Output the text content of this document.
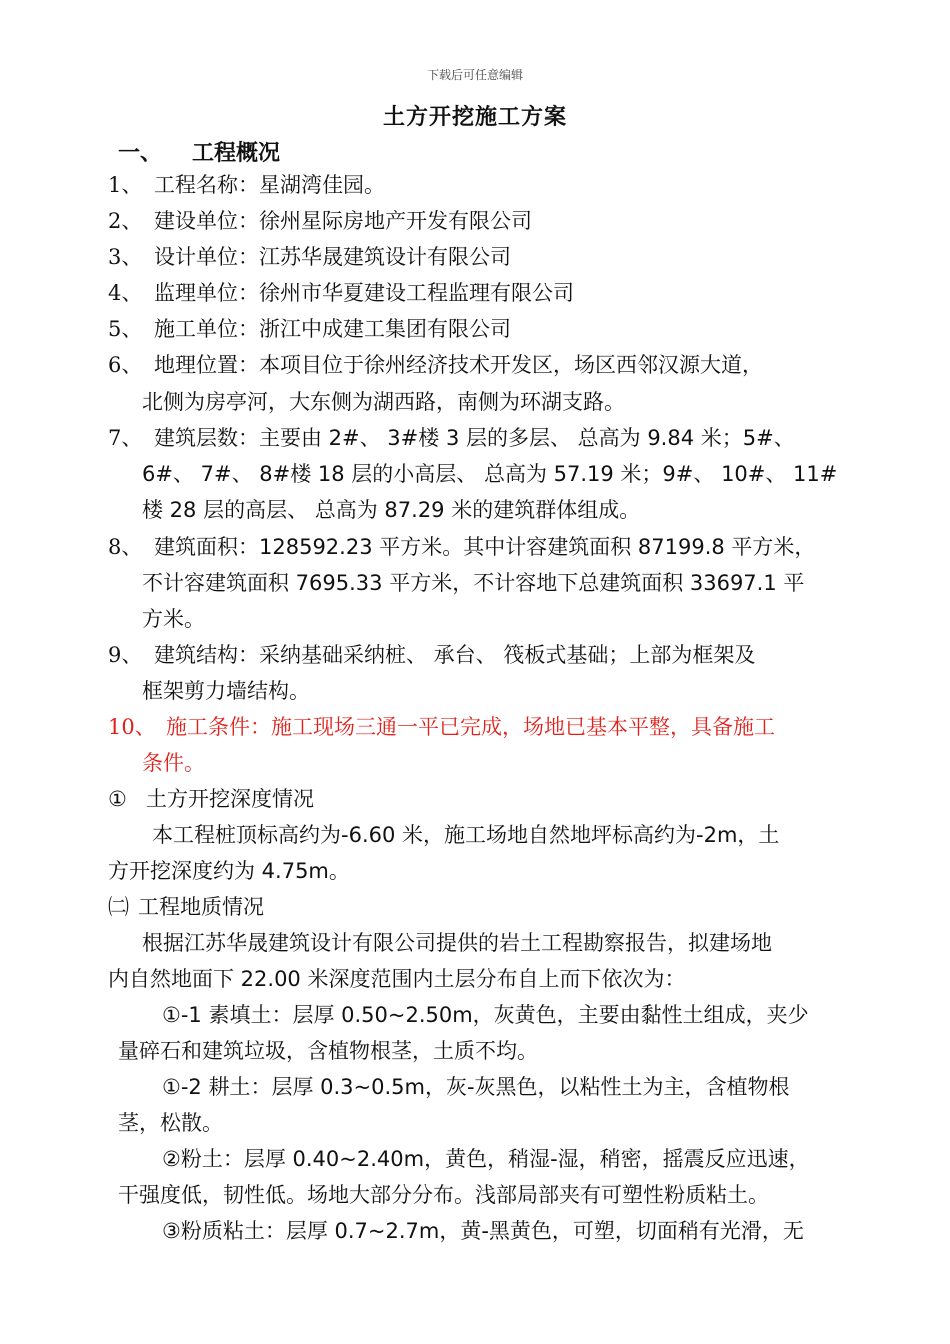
下载后可任意编辑
土方开挖施工方案
一、 工程概况
1、 工程名称：星湖湾佳园。
2、 建设单位：徐州星际房地产开发有限公司
3、 设计单位：江苏华晟建筑设计有限公司
4、 监理单位：徐州市华夏建设工程监理有限公司
5、 施工单位：浙江中成建工集团有限公司
6、 地理位置：本项目位于徐州经济技术开发区，场区西邻汉源大道，
北侧为房亭河，大东侧为湖西路，南侧为环湖支路。
7、 建筑层数：主要由 2#、 3#楼 3 层的多层、 总高为 9.84 米；5#、
6#、 7#、 8#楼 18 层的小高层、 总高为 57.19 米；9#、 10#、 11#
楼 28 层的高层、 总高为 87.29 米的建筑群体组成。
8、 建筑面积：128592.23 平方米。其中计容建筑面积 87199.8 平方米，
不计容建筑面积 7695.33 平方米，不计容地下总建筑面积 33697.1 平
方米。
9、 建筑结构：采纳基础采纳桩、 承台、 筏板式基础；上部为框架及
框架剪力墙结构。
10、 施工条件：施工现场三通一平已完成，场地已基本平整，具备施工
条件。
① 土方开挖深度情况
本工程桩顶标高约为-6.60 米，施工场地自然地坪标高约为-2m，土
方开挖深度约为 4.75m。
㈡ 工程地质情况
根据江苏华晟建筑设计有限公司提供的岩土工程勘察报告，拟建场地
内自然地面下 22.00 米深度范围内土层分布自上而下依次为：
①-1 素填土：层厚 0.50~2.50m，灰黄色，主要由黏性土组成，夹少
量碎石和建筑垃圾，含植物根茎，土质不均。
①-2 耕土：层厚 0.3~0.5m，灰-灰黑色，以粘性土为主，含植物根
茎，松散。
②粉土：层厚 0.40~2.40m，黄色，稍湿-湿，稍密，摇震反应迅速，
干强度低，韧性低。场地大部分分布。浅部局部夹有可塑性粉质粘土。
③粉质粘土：层厚 0.7~2.7m，黄-黑黄色，可塑，切面稍有光滑，无
